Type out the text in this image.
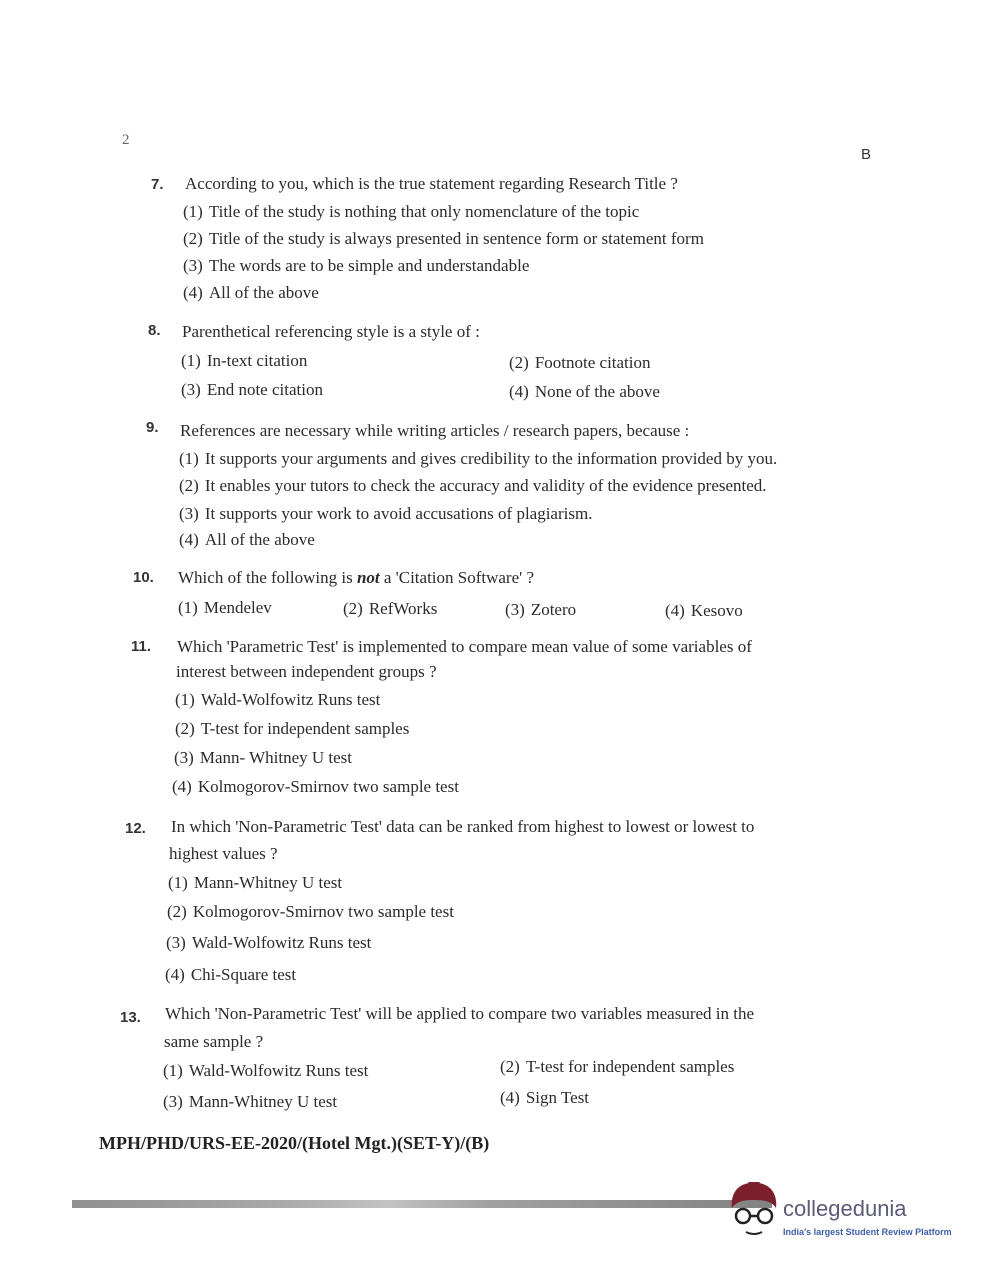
2
B
7. According to you, which is the true statement regarding Research Title ?
(1) Title of the study is nothing that only nomenclature of the topic
(2) Title of the study is always presented in sentence form or statement form
(3) The words are to be simple and understandable
(4) All of the above
8. Parenthetical referencing style is a style of :
(1) In-text citation	(2) Footnote citation
(3) End note citation	(4) None of the above
9. References are necessary while writing articles / research papers, because :
(1) It supports your arguments and gives credibility to the information provided by you.
(2) It enables your tutors to check the accuracy and validity of the evidence presented.
(3) It supports your work to avoid accusations of plagiarism.
(4) All of the above
10. Which of the following is not a 'Citation Software' ?
(1) Mendelev	(2) RefWorks	(3) Zotero	(4) Kesovo
11. Which 'Parametric Test' is implemented to compare mean value of some variables of
interest between independent groups ?
(1) Wald-Wolfowitz Runs test
(2) T-test for independent samples
(3) Mann- Whitney U test
(4) Kolmogorov-Smirnov two sample test
12. In which 'Non-Parametric Test' data can be ranked from highest to lowest or lowest to
highest values ?
(1) Mann-Whitney U test
(2) Kolmogorov-Smirnov two sample test
(3) Wald-Wolfowitz Runs test
(4) Chi-Square test
13. Which 'Non-Parametric Test' will be applied to compare two variables measured in the
same sample ?
(1) Wald-Wolfowitz Runs test	(2) T-test for independent samples
(3) Mann-Whitney U test	(4) Sign Test
MPH/PHD/URS-EE-2020/(Hotel Mgt.)(SET-Y)/(B)
collegedunia
India's largest Student Review Platform
